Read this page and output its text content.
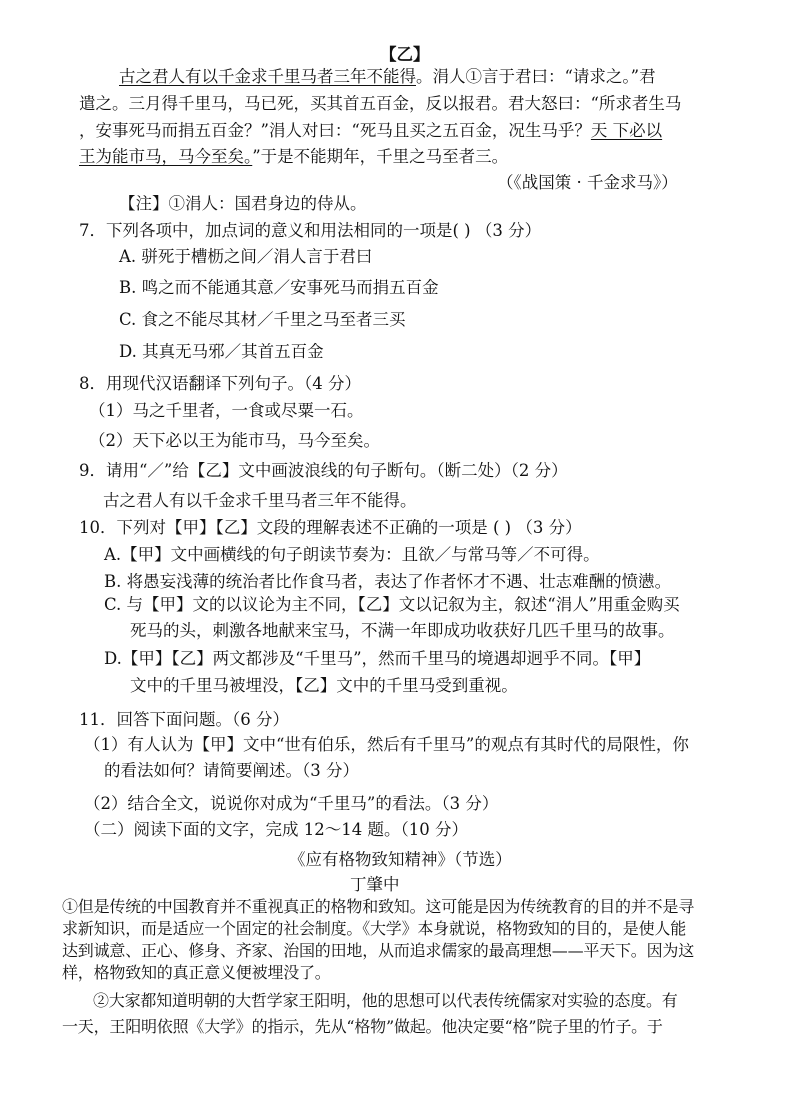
【乙】
古之君人有以千金求千里马者三年不能得。涓人①言于君曰：“请求之。”君
遣之。三月得千里马，马已死，买其首五百金，反以报君。君大怒曰：“所求者生马
，安事死马而捐五百金？”涓人对曰：“死马且买之五百金，况生马乎？天 下必以
王为能市马，马今至矣。”于是不能期年，千里之马至者三。
（《战国策 · 千金求马》）
【注】①涓人：国君身边的侍从。
7．下列各项中，加点词的意义和用法相同的一项是( ) （3 分）
A. 骈死于槽枥之间／涓人言于君曰
B. 鸣之而不能通其意／安事死马而捐五百金
C. 食之不能尽其材／千里之马至者三买
D. 其真无马邪／其首五百金
8．用现代汉语翻译下列句子。（4 分）
（1）马之千里者，一食或尽粟一石。
（2）天下必以王为能市马，马今至矣。
9．请用“／”给【乙】文中画波浪线的句子断句。（断二处）（2 分）
古之君人有以千金求千里马者三年不能得。
10．下列对【甲】【乙】文段的理解表述不正确的一项是 ( ) （3 分）
A.【甲】文中画横线的句子朗读节奏为：且欲／与常马等／不可得。
B. 将愚妄浅薄的统治者比作食马者，表达了作者怀才不遇、壮志难酬的愤懑。
C. 与【甲】文的以议论为主不同，【乙】文以记叙为主，叙述“涓人”用重金购买
死马的头，刺激各地献来宝马，不满一年即成功收获好几匹千里马的故事。
D.【甲】【乙】两文都涉及“千里马”，然而千里马的境遇却迥乎不同。【甲】
文中的千里马被埋没，【乙】文中的千里马受到重视。
11．回答下面问题。（6 分）
（1）有人认为【甲】文中“世有伯乐，然后有千里马”的观点有其时代的局限性，你
的看法如何？请简要阐述。（3 分）
（2）结合全文，说说你对成为“千里马”的看法。（3 分）
（二）阅读下面的文字，完成 12～14 题。（10 分）
《应有格物致知精神》（节选）
丁肇中
①但是传统的中国教育并不重视真正的格物和致知。这可能是因为传统教育的目的并不是寻
求新知识，而是适应一个固定的社会制度。《大学》本身就说，格物致知的目的，是使人能
达到诚意、正心、修身、齐家、治国的田地，从而追求儒家的最高理想——平天下。因为这
样，格物致知的真正意义便被埋没了。
②大家都知道明朝的大哲学家王阳明，他的思想可以代表传统儒家对实验的态度。有
一天，王阳明依照《大学》的指示，先从“格物”做起。他决定要“格”院子里的竹子。于
